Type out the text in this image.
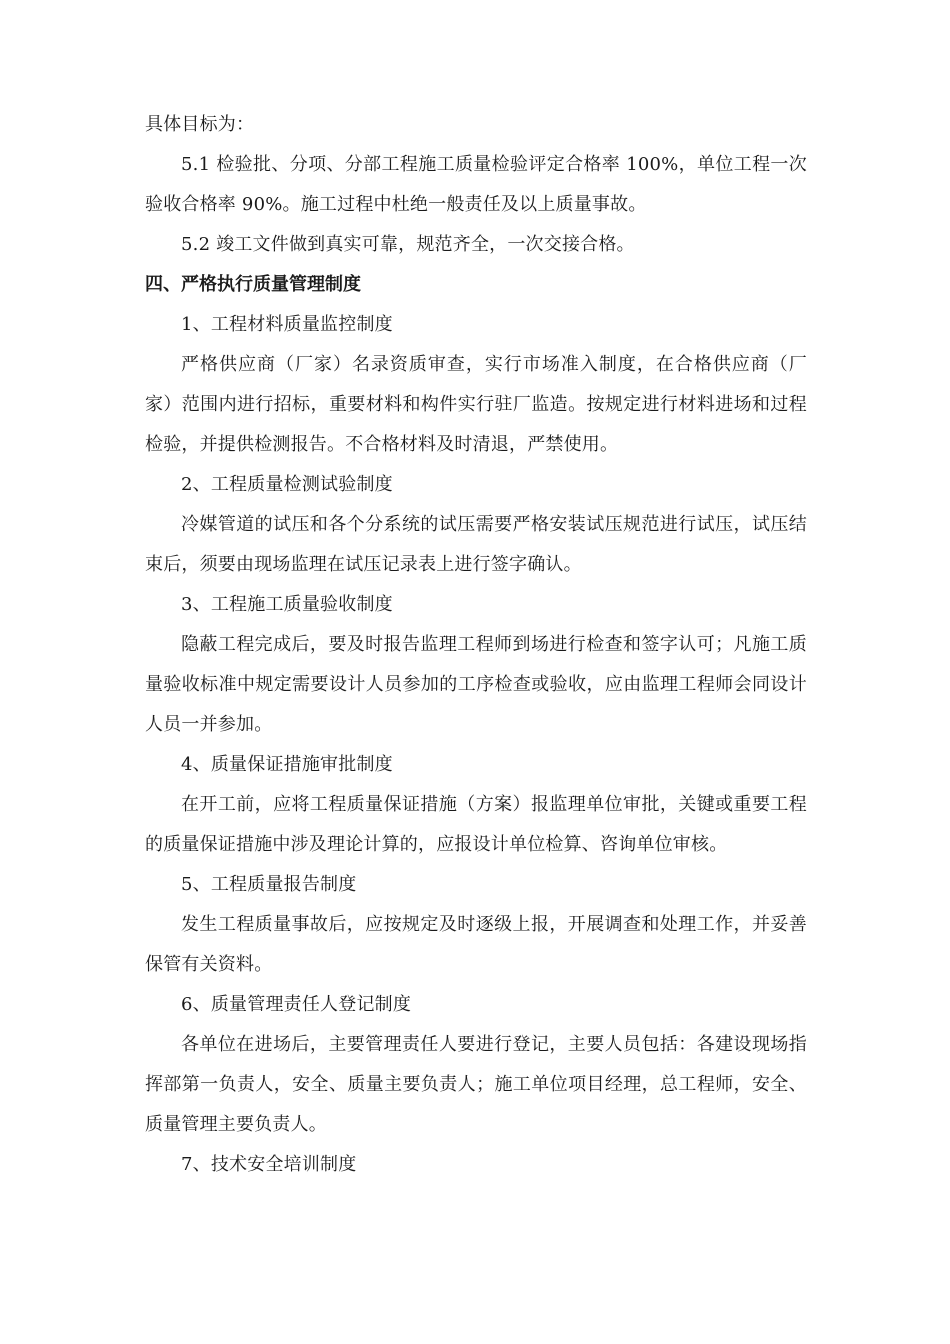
具体目标为：

5.1 检验批、分项、分部工程施工质量检验评定合格率 100%，单位工程一次验收合格率 90%。施工过程中杜绝一般责任及以上质量事故。

5.2 竣工文件做到真实可靠，规范齐全，一次交接合格。

四、严格执行质量管理制度

1、工程材料质量监控制度

严格供应商（厂家）名录资质审查，实行市场准入制度，在合格供应商（厂家）范围内进行招标，重要材料和构件实行驻厂监造。按规定进行材料进场和过程检验，并提供检测报告。不合格材料及时清退，严禁使用。

2、工程质量检测试验制度

冷媒管道的试压和各个分系统的试压需要严格安装试压规范进行试压，试压结束后，须要由现场监理在试压记录表上进行签字确认。

3、工程施工质量验收制度

隐蔽工程完成后，要及时报告监理工程师到场进行检查和签字认可；凡施工质量验收标准中规定需要设计人员参加的工序检查或验收，应由监理工程师会同设计人员一并参加。

4、质量保证措施审批制度

在开工前，应将工程质量保证措施（方案）报监理单位审批，关键或重要工程的质量保证措施中涉及理论计算的，应报设计单位检算、咨询单位审核。

5、工程质量报告制度

发生工程质量事故后，应按规定及时逐级上报，开展调查和处理工作，并妥善保管有关资料。

6、质量管理责任人登记制度

各单位在进场后，主要管理责任人要进行登记，主要人员包括：各建设现场指挥部第一负责人，安全、质量主要负责人；施工单位项目经理，总工程师，安全、质量管理主要负责人。

7、技术安全培训制度
